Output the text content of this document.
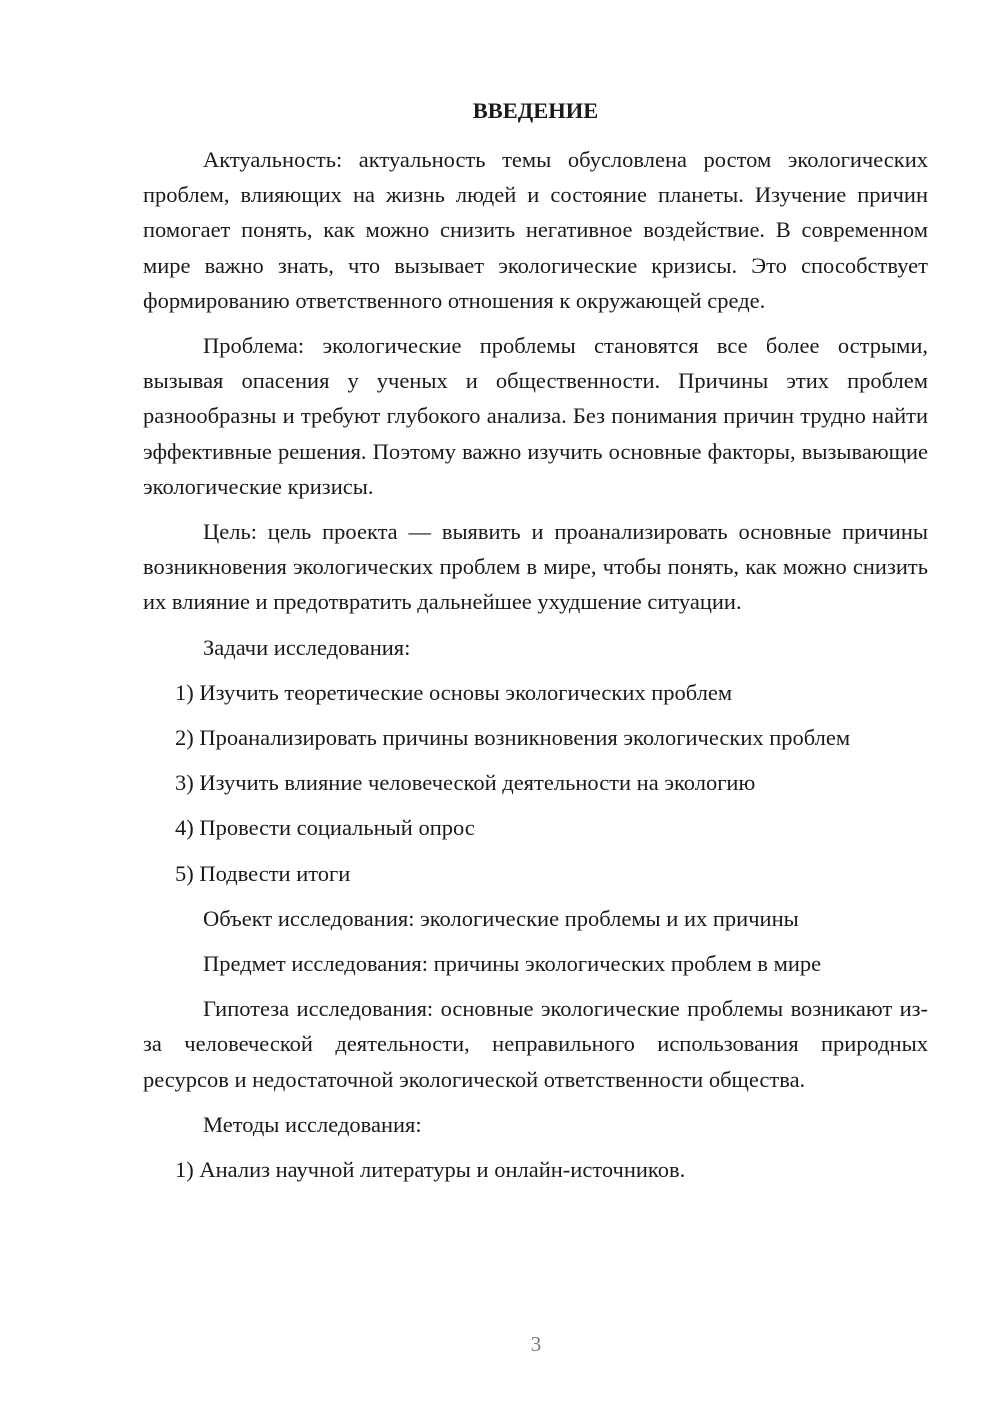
ВВЕДЕНИЕ

Актуальность: актуальность темы обусловлена ростом экологических проблем, влияющих на жизнь людей и состояние планеты. Изучение причин помогает понять, как можно снизить негативное воздействие. В современном мире важно знать, что вызывает экологические кризисы. Это способствует формированию ответственного отношения к окружающей среде.

Проблема: экологические проблемы становятся все более острыми, вызывая опасения у ученых и общественности. Причины этих проблем разнообразны и требуют глубокого анализа. Без понимания причин трудно найти эффективные решения. Поэтому важно изучить основные факторы, вызывающие экологические кризисы.

Цель: цель проекта — выявить и проанализировать основные причины возникновения экологических проблем в мире, чтобы понять, как можно снизить их влияние и предотвратить дальнейшее ухудшение ситуации.

Задачи исследования:

1) Изучить теоретические основы экологических проблем

2) Проанализировать причины возникновения экологических проблем

3) Изучить влияние человеческой деятельности на экологию

4) Провести социальный опрос

5) Подвести итоги

Объект исследования: экологические проблемы и их причины

Предмет исследования: причины экологических проблем в мире

Гипотеза исследования: основные экологические проблемы возникают из-за человеческой деятельности, неправильного использования природных ресурсов и недостаточной экологической ответственности общества.

Методы исследования:

1) Анализ научной литературы и онлайн-источников.

3
